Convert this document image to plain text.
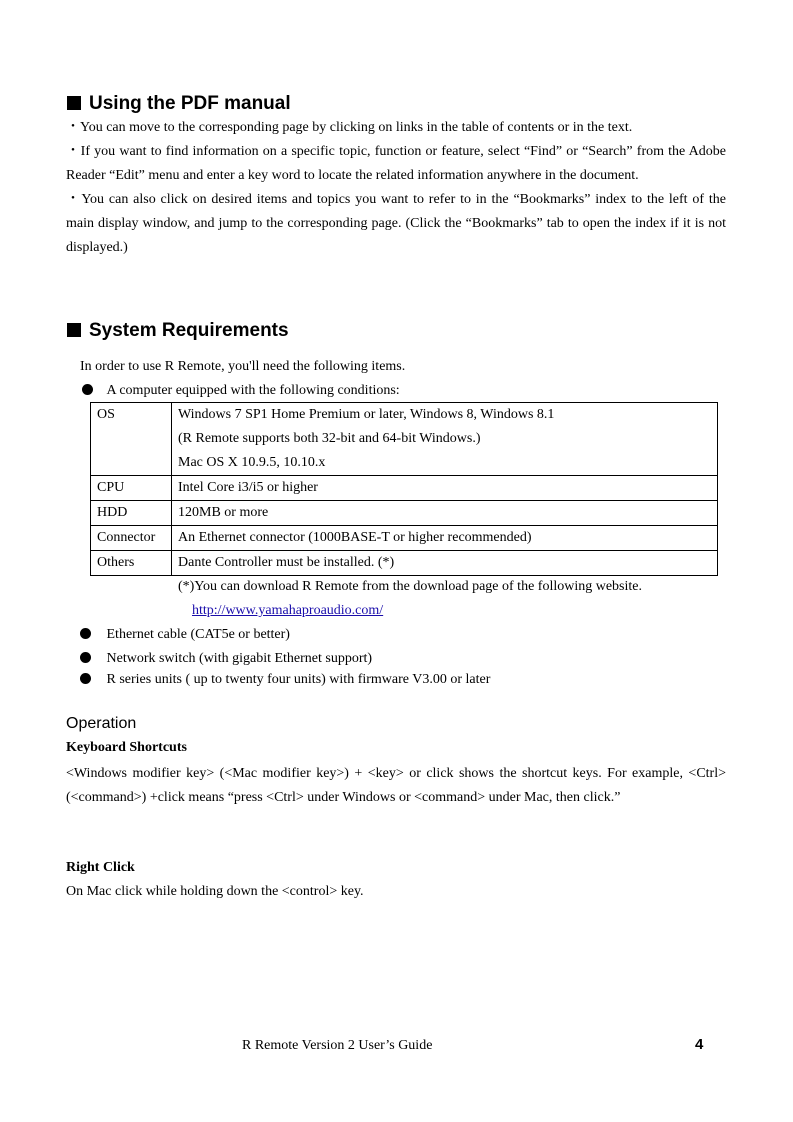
Using the PDF manual

・You can move to the corresponding page by clicking on links in the table of contents or in the text.

・If you want to find information on a specific topic, function or feature, select “Find” or “Search” from the Adobe Reader “Edit” menu and enter a key word to locate the related information anywhere in the document.

・You can also click on desired items and topics you want to refer to in the “Bookmarks” index to the left of the main display window, and jump to the corresponding page. (Click the “Bookmarks” tab to open the index if it is not displayed.)

System Requirements
In order to use R Remote, you'll need the following items.
A computer equipped with the following conditions:
OS	Windows 7 SP1 Home Premium or later, Windows 8, Windows 8.1
(R Remote supports both 32-bit and 64-bit Windows.)
Mac OS X 10.9.5, 10.10.x

CPU	Intel Core i3/i5 or higher
HDD	120MB or more
Connector	An Ethernet connector (1000BASE-T or higher recommended)
Others	Dante Controller must be installed. (*)
(*)You can download R Remote from the download page of the following website.
http://www.yamahaproaudio.com/
Ethernet cable (CAT5e or better)
Network switch (with gigabit Ethernet support)
R series units ( up to twenty four units) with firmware V3.00 or later
Operation
Keyboard Shortcuts

<Windows modifier key> (<Mac modifier key>) + <key> or click shows the shortcut keys. For example, <Ctrl> (<command>) +click means “press <Ctrl> under Windows or <command> under Mac, then click.”

Right Click
On Mac click while holding down the <control> key.
R Remote Version 2 User’s Guide	4
